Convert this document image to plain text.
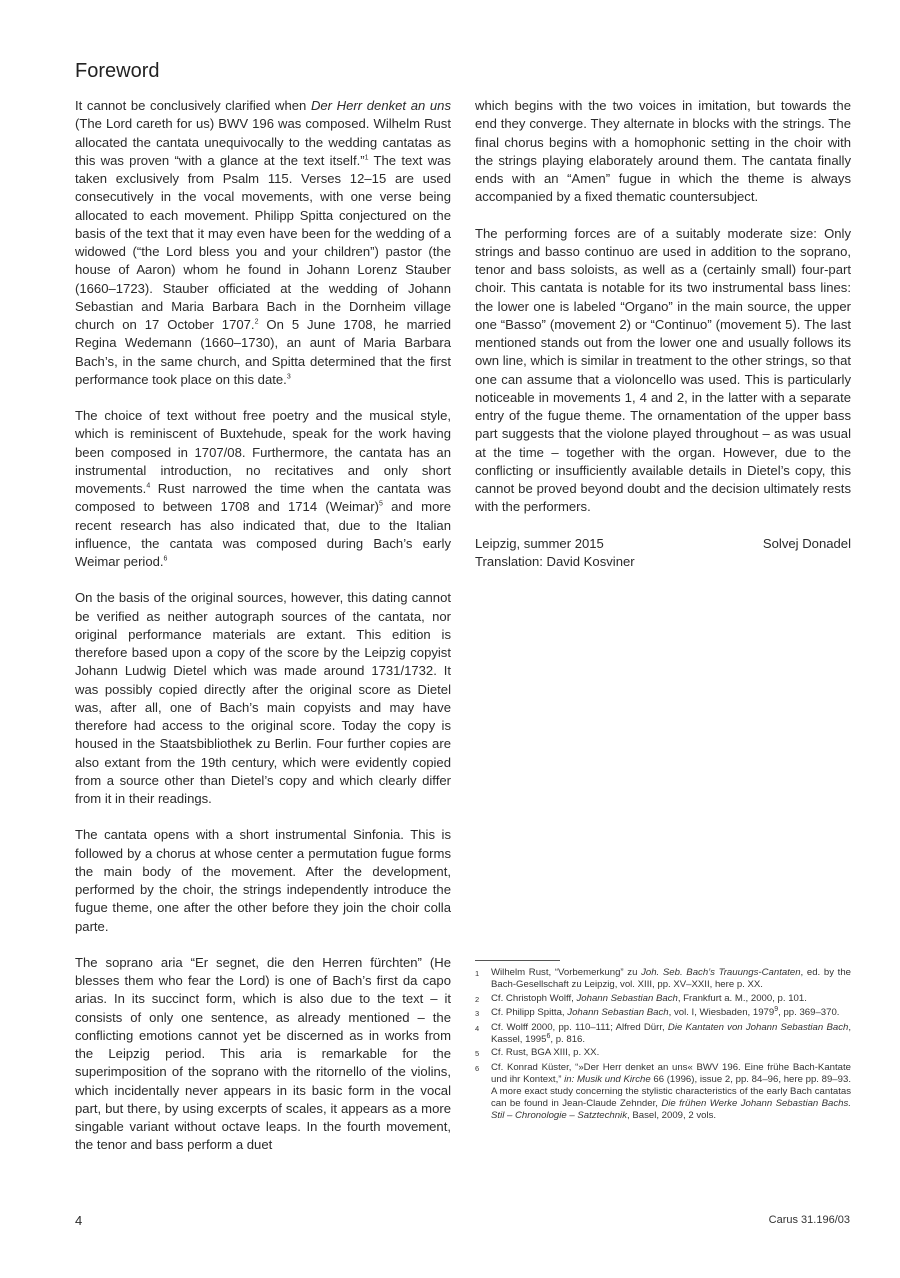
Foreword

It cannot be conclusively clarified when Der Herr denket an uns (The Lord careth for us) BWV 196 was composed. Wilhelm Rust allocated the cantata unequivocally to the wedding cantatas as this was proven “with a glance at the text itself.”$^1$ The text was taken exclusively from Psalm 115. Verses 12–15 are used consecutively in the vocal movements, with one verse being allocated to each movement. Philipp Spitta conjectured on the basis of the text that it may even have been for the wedding of a widowed (“the Lord bless you and your children”) pastor (the house of Aaron) whom he found in Johann Lorenz Stauber (1660–1723). Stauber officiated at the wedding of Johann Sebastian and Maria Barbara Bach in the Dornheim village church on 17 October 1707.$^2$ On 5 June 1708, he married Regina Wedemann (1660–1730), an aunt of Maria Barbara Bach’s, in the same church, and Spitta determined that the first performance took place on this date.$^3$

The choice of text without free poetry and the musical style, which is reminiscent of Buxtehude, speak for the work having been composed in 1707/08. Furthermore, the cantata has an instrumental introduction, no recitatives and only short movements.$^4$ Rust narrowed the time when the cantata was composed to between 1708 and 1714 (Weimar)$^5$ and more recent research has also indicated that, due to the Italian influence, the cantata was composed during Bach’s early Weimar period.$^6$

On the basis of the original sources, however, this dating cannot be verified as neither autograph sources of the cantata, nor original performance materials are extant. This edition is therefore based upon a copy of the score by the Leipzig copyist Johann Ludwig Dietel which was made around 1731/1732. It was possibly copied directly after the original score as Dietel was, after all, one of Bach’s main copyists and may have therefore had access to the original score. Today the copy is housed in the Staatsbibliothek zu Berlin. Four further copies are also extant from the 19th century, which were evidently copied from a source other than Dietel’s copy and which clearly differ from it in their readings.

The cantata opens with a short instrumental Sinfonia. This is followed by a chorus at whose center a permutation fugue forms the main body of the movement. After the development, performed by the choir, the strings independently introduce the fugue theme, one after the other before they join the choir colla parte.

The soprano aria “Er segnet, die den Herren fürchten” (He blesses them who fear the Lord) is one of Bach’s first da capo arias. In its succinct form, which is also due to the text – it consists of only one sentence, as already mentioned – the conflicting emotions cannot yet be discerned as in works from the Leipzig period. This aria is remarkable for the superimposition of the soprano with the ritornello of the violins, which incidentally never appears in its basic form in the vocal part, but there, by using excerpts of scales, it appears as a more singable variant without octave leaps. In the fourth movement, the tenor and bass perform a duet

which begins with the two voices in imitation, but towards the end they converge. They alternate in blocks with the strings. The final chorus begins with a homophonic setting in the choir with the strings playing elaborately around them. The cantata finally ends with an “Amen” fugue in which the theme is always accompanied by a fixed thematic countersubject.

The performing forces are of a suitably moderate size: Only strings and basso continuo are used in addition to the soprano, tenor and bass soloists, as well as a (certainly small) four-part choir. This cantata is notable for its two instrumental bass lines: the lower one is labeled “Organo” in the main source, the upper one “Basso” (movement 2) or “Continuo” (movement 5). The last mentioned stands out from the lower one and usually follows its own line, which is similar in treatment to the other strings, so that one can assume that a violoncello was used. This is particularly noticeable in movements 1, 4 and 2, in the latter with a separate entry of the fugue theme. The ornamentation of the upper bass part suggests that the violone played throughout – as was usual at the time – together with the organ. However, due to the conflicting or insufficiently available details in Dietel’s copy, this cannot be proved beyond doubt and the decision ultimately rests with the performers.

Leipzig, summer 2015	Solvej Donadel
Translation: David Kosviner
1	Wilhelm Rust, “Vorbemerkung” zu Joh. Seb. Bach’s Trauungs-Cantaten, ed. by the Bach-Gesellschaft zu Leipzig, vol. XIII, pp. XV–XXII, here p. XX.
2	Cf. Christoph Wolff, Johann Sebastian Bach, Frankfurt a. M., 2000, p. 101.
3	Cf. Philipp Spitta, Johann Sebastian Bach, vol. I, Wiesbaden, 1979$^9$, pp. 369–370.
4	Cf. Wolff 2000, pp. 110–111; Alfred Dürr, Die Kantaten von Johann Sebastian Bach, Kassel, 1995$^6$, p. 816.
5	Cf. Rust, BGA XIII, p. XX.
6	Cf. Konrad Küster, “»Der Herr denket an uns« BWV 196. Eine frühe Bach-Kantate und ihr Kontext,” in: Musik und Kirche 66 (1996), issue 2, pp. 84–96, here pp. 89–93. A more exact study concerning the stylistic characteristics of the early Bach cantatas can be found in Jean-Claude Zehnder, Die frühen Werke Johann Sebastian Bachs. Stil – Chronologie – Satztechnik, Basel, 2009, 2 vols.
4	Carus 31.196/03
